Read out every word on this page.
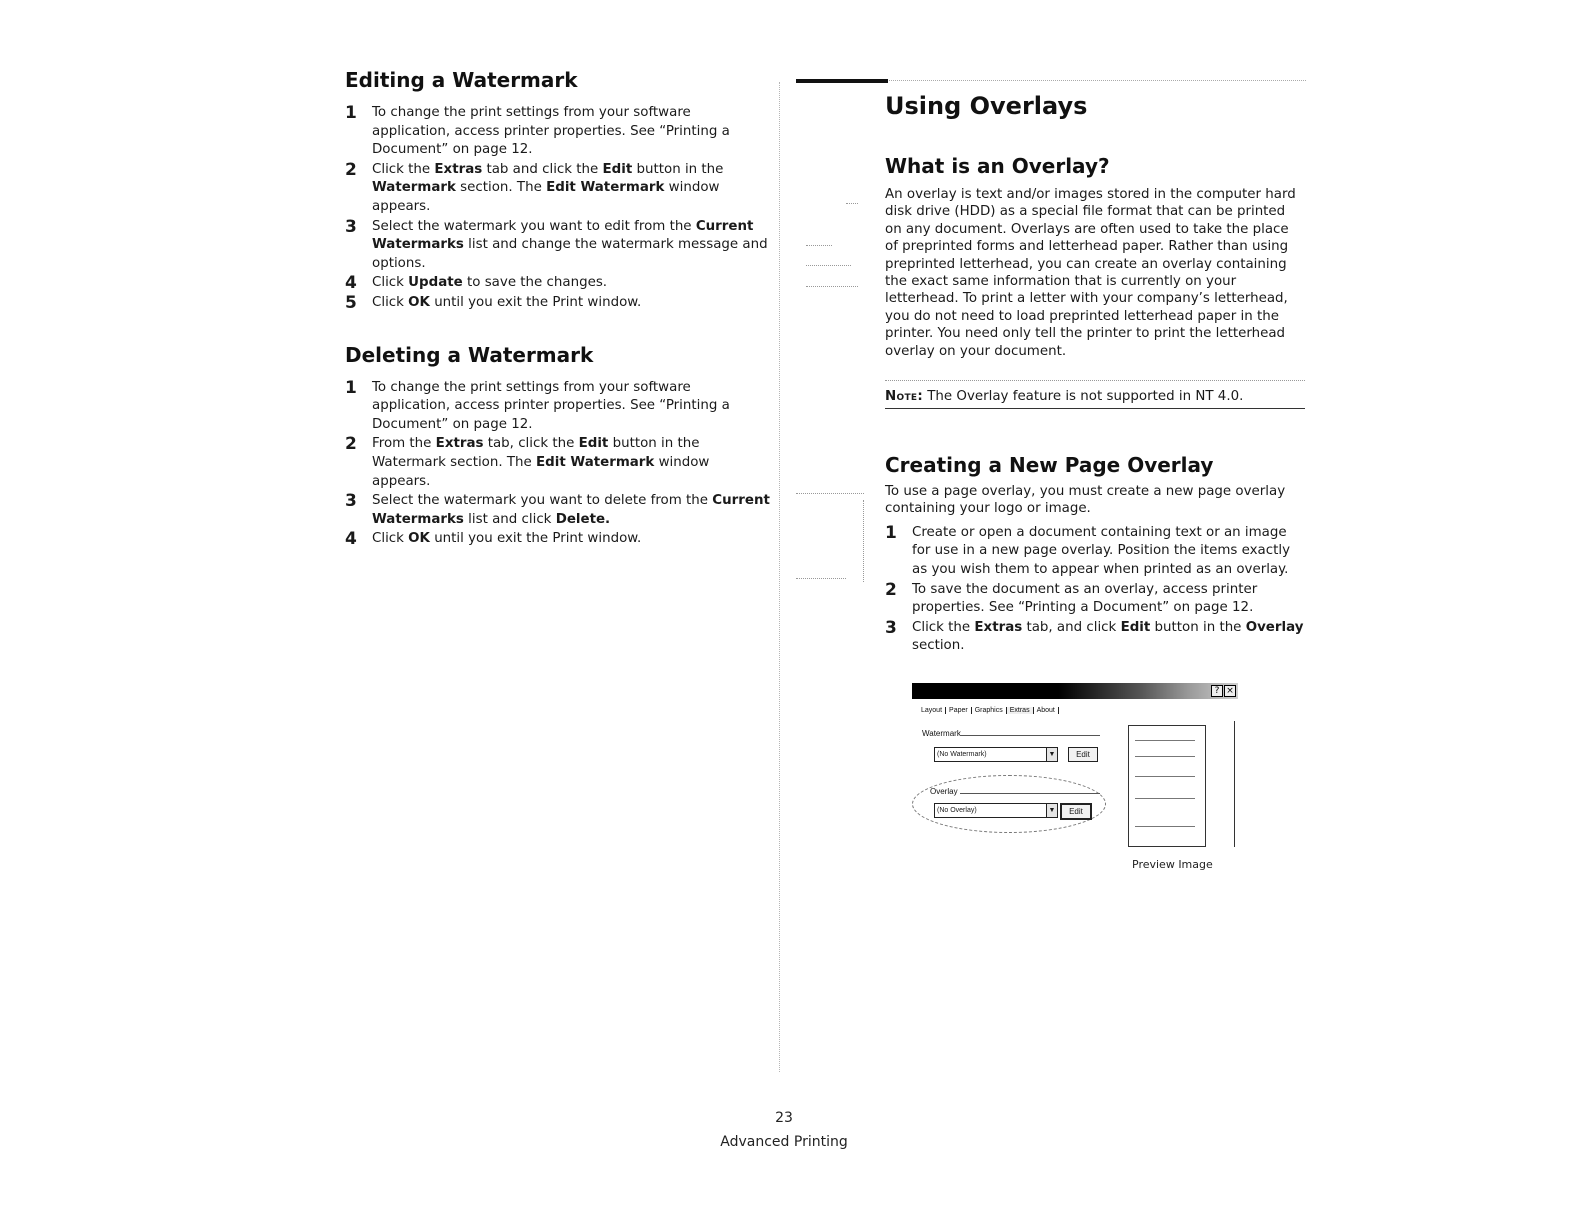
Editing a Watermark
1 To change the print settings from your software application, access printer properties. See “Printing a Document” on page 12.
2 Click the Extras tab and click the Edit button in the Watermark section. The Edit Watermark window appears.
3 Select the watermark you want to edit from the Current Watermarks list and change the watermark message and options.
4 Click Update to save the changes.
5 Click OK until you exit the Print window.
Deleting a Watermark
1 To change the print settings from your software application, access printer properties. See “Printing a Document” on page 12.
2 From the Extras tab, click the Edit button in the Watermark section. The Edit Watermark window appears.
3 Select the watermark you want to delete from the Current Watermarks list and click Delete.
4 Click OK until you exit the Print window.
Using Overlays
What is an Overlay?

An overlay is text and/or images stored in the computer hard disk drive (HDD) as a special file format that can be printed on any document. Overlays are often used to take the place of preprinted forms and letterhead paper. Rather than using preprinted letterhead, you can create an overlay containing the exact same information that is currently on your letterhead. To print a letter with your company’s letterhead, you do not need to load preprinted letterhead paper in the printer. You need only tell the printer to print the letterhead overlay on your document.

Note: The Overlay feature is not supported in NT 4.0.
Creating a New Page Overlay

To use a page overlay, you must create a new page overlay containing your logo or image.

1 Create or open a document containing text or an image for use in a new page overlay. Position the items exactly as you wish them to appear when printed as an overlay.
2 To save the document as an overlay, access printer properties. See “Printing a Document” on page 12.
3 Click the Extras tab, and click Edit button in the Overlay section.
? ×
Layout Paper Graphics Extras About
Watermark
(No Watermark)	▼	Edit
Overlay
(No Overlay)	▼	Edit
Preview Image
23
Advanced Printing
